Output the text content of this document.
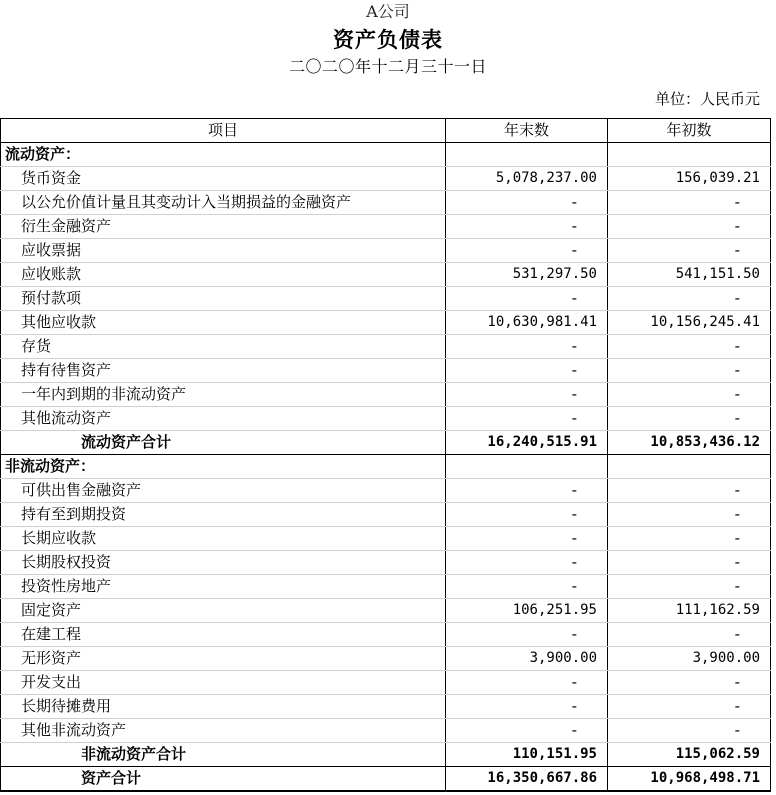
A公司
资产负债表
二〇二〇年十二月三十一日
单位：人民币元
项目	年末数	年初数
流动资产：		
货币资金	5,078,237.00	156,039.21
以公允价值计量且其变动计入当期损益的金融资产	-	-
衍生金融资产	-	-
应收票据	-	-
应收账款	531,297.50	541,151.50
预付款项	-	-
其他应收款	10,630,981.41	10,156,245.41
存货	-	-
持有待售资产	-	-
一年内到期的非流动资产	-	-
其他流动资产	-	-
流动资产合计	16,240,515.91	10,853,436.12
非流动资产：		
可供出售金融资产	-	-
持有至到期投资	-	-
长期应收款	-	-
长期股权投资	-	-
投资性房地产	-	-
固定资产	106,251.95	111,162.59
在建工程	-	-
无形资产	3,900.00	3,900.00
开发支出	-	-
长期待摊费用	-	-
其他非流动资产	-	-
非流动资产合计	110,151.95	115,062.59
资产合计	16,350,667.86	10,968,498.71
